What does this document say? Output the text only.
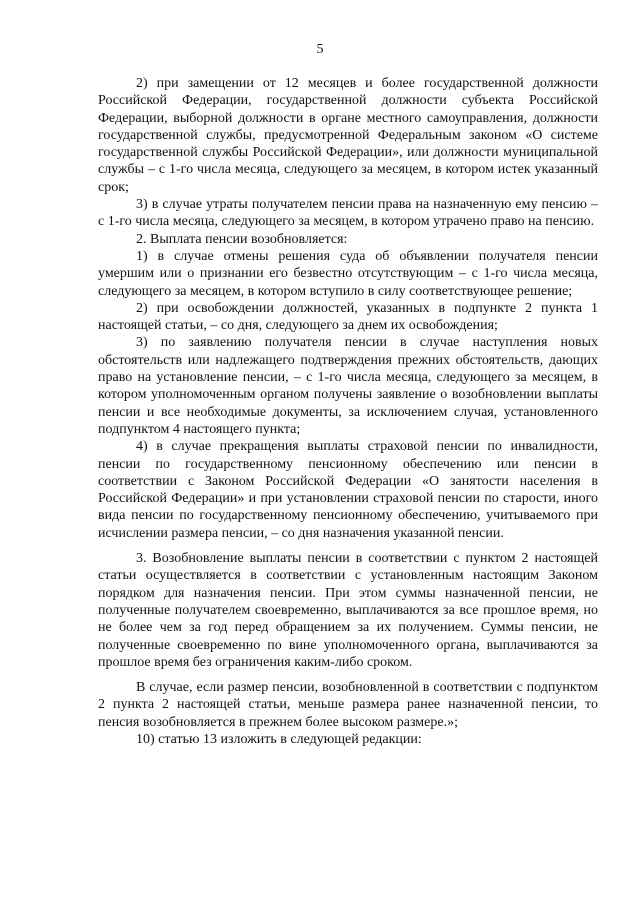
5

2) при замещении от 12 месяцев и более государственной должности Российской Федерации, государственной должности субъекта Российской Федерации, выборной должности в органе местного самоуправления, должности государственной службы, предусмотренной Федеральным законом «О системе государственной службы Российской Федерации», или должности муниципальной службы – с 1-го числа месяца, следующего за месяцем, в котором истек указанный срок;

3) в случае утраты получателем пенсии права на назначенную ему пенсию – с 1-го числа месяца, следующего за месяцем, в котором утрачено право на пенсию.

2. Выплата пенсии возобновляется:

1) в случае отмены решения суда об объявлении получателя пенсии умершим или о признании его безвестно отсутствующим – с 1-го числа месяца, следующего за месяцем, в котором вступило в силу соответствующее решение;

2) при освобождении должностей, указанных в подпункте 2 пункта 1 настоящей статьи, – со дня, следующего за днем их освобождения;

3) по заявлению получателя пенсии в случае наступления новых обстоятельств или надлежащего подтверждения прежних обстоятельств, дающих право на установление пенсии, – с 1-го числа месяца, следующего за месяцем, в котором уполномоченным органом получены заявление о возобновлении выплаты пенсии и все необходимые документы, за исключением случая, установленного подпунктом 4 настоящего пункта;

4) в случае прекращения выплаты страховой пенсии по инвалидности, пенсии по государственному пенсионному обеспечению или пенсии в соответствии с Законом Российской Федерации «О занятости населения в Российской Федерации» и при установлении страховой пенсии по старости, иного вида пенсии по государственному пенсионному обеспечению, учитываемого при исчислении размера пенсии, – со дня назначения указанной пенсии.

3. Возобновление выплаты пенсии в соответствии с пунктом 2 настоящей статьи осуществляется в соответствии с установленным настоящим Законом порядком для назначения пенсии. При этом суммы назначенной пенсии, не полученные получателем своевременно, выплачиваются за все прошлое время, но не более чем за год перед обращением за их получением. Суммы пенсии, не полученные своевременно по вине уполномоченного органа, выплачиваются за прошлое время без ограничения каким-либо сроком.

В случае, если размер пенсии, возобновленной в соответствии с подпунктом 2 пункта 2 настоящей статьи, меньше размера ранее назначенной пенсии, то пенсия возобновляется в прежнем более высоком размере.»;

10) статью 13 изложить в следующей редакции:
